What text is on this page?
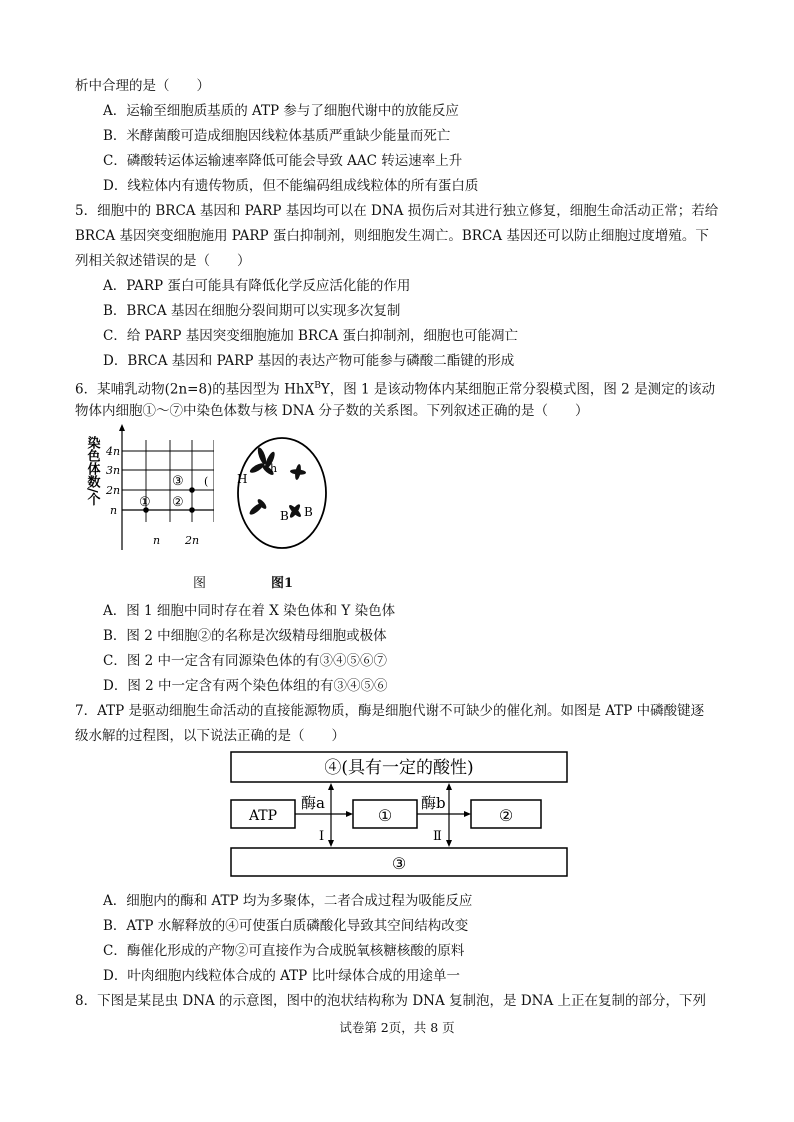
析中合理的是（　　）
A．运输至细胞质基质的 ATP 参与了细胞代谢中的放能反应
B．米酵菌酸可造成细胞因线粒体基质严重缺少能量而死亡
C．磷酸转运体运输速率降低可能会导致 AAC 转运速率上升
D．线粒体内有遗传物质，但不能编码组成线粒体的所有蛋白质
5．细胞中的 BRCA 基因和 PARP 基因均可以在 DNA 损伤后对其进行独立修复，细胞生命活动正常；若给
BRCA 基因突变细胞施用 PARP 蛋白抑制剂，则细胞发生凋亡。BRCA 基因还可以防止细胞过度增殖。下
列相关叙述错误的是（　　）
A．PARP 蛋白可能具有降低化学反应活化能的作用
B．BRCA 基因在细胞分裂间期可以实现多次复制
C．给 PARP 基因突变细胞施加 BRCA 蛋白抑制剂，细胞也可能凋亡
D．BRCA 基因和 PARP 基因的表达产物可能参与磷酸二酯键的形成
6．某哺乳动物(2n=8)的基因型为 HhX$^B$Y，图 1 是该动物体内某细胞正常分裂模式图，图 2 是测定的该动
物体内细胞①～⑦中染色体数与核 DNA 分子数的关系图。下列叙述正确的是（　　）
染色体数/个 4n
3n
2n
n
n 2n
① ②
③ (
图
H
h
B B
图1
A．图 1 细胞中同时存在着 X 染色体和 Y 染色体
B．图 2 中细胞②的名称是次级精母细胞或极体
C．图 2 中一定含有同源染色体的有③④⑤⑥⑦
D．图 2 中一定含有两个染色体组的有③④⑤⑥
7．ATP 是驱动细胞生命活动的直接能源物质，酶是细胞代谢不可缺少的催化剂。如图是 ATP 中磷酸键逐
级水解的过程图，以下说法正确的是（　　）
④(具有一定的酸性)
ATP	①	②
③
酶a	酶b
Ⅰ	Ⅱ
A．细胞内的酶和 ATP 均为多聚体，二者合成过程为吸能反应
B．ATP 水解释放的④可使蛋白质磷酸化导致其空间结构改变
C．酶催化形成的产物②可直接作为合成脱氧核糖核酸的原料
D．叶肉细胞内线粒体合成的 ATP 比叶绿体合成的用途单一
8．下图是某昆虫 DNA 的示意图，图中的泡状结构称为 DNA 复制泡，是 DNA 上正在复制的部分，下列
试卷第 2页，共 8 页
